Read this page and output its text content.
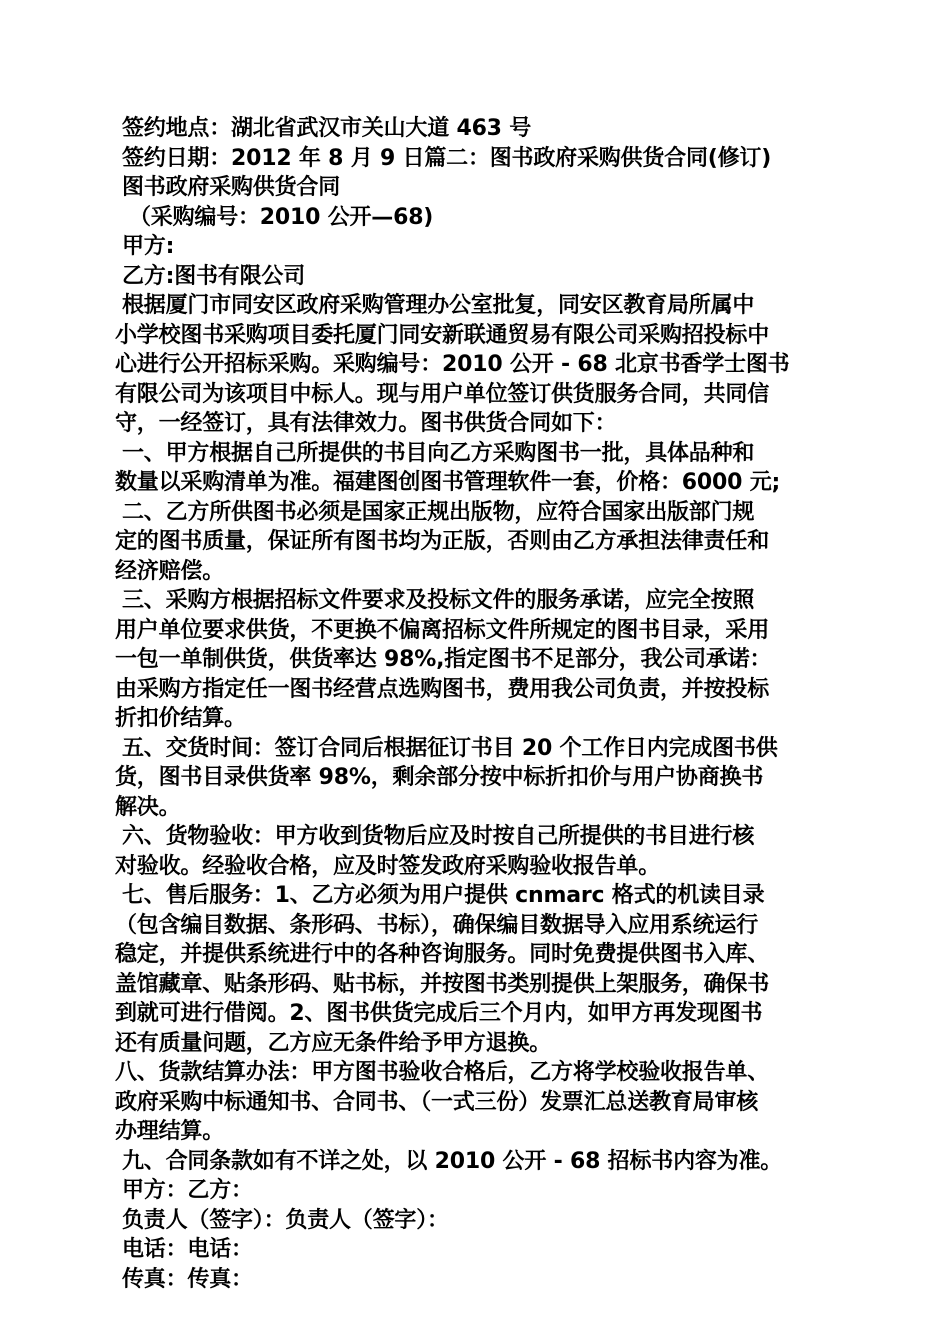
签约地点：湖北省武汉市关山大道 463 号
签约日期：2012 年 8 月 9 日篇二：图书政府采购供货合同(修订)
图书政府采购供货合同
（采购编号：2010 公开—68)
甲方:
乙方:图书有限公司
根据厦门市同安区政府采购管理办公室批复，同安区教育局所属中
小学校图书采购项目委托厦门同安新联通贸易有限公司采购招投标中
心进行公开招标采购。采购编号：2010 公开 - 68 北京书香学士图书
有限公司为该项目中标人。现与用户单位签订供货服务合同，共同信
守，一经签订，具有法律效力。图书供货合同如下：
一、甲方根据自己所提供的书目向乙方采购图书一批，具体品种和
数量以采购清单为准。福建图创图书管理软件一套，价格：6000 元;
二、乙方所供图书必须是国家正规出版物，应符合国家出版部门规
定的图书质量，保证所有图书均为正版，否则由乙方承担法律责任和
经济赔偿。
三、采购方根据招标文件要求及投标文件的服务承诺，应完全按照
用户单位要求供货，不更换不偏离招标文件所规定的图书目录，采用
一包一单制供货，供货率达 98%,指定图书不足部分，我公司承诺：
由采购方指定任一图书经营点选购图书，费用我公司负责，并按投标
折扣价结算。
五、交货时间：签订合同后根据征订书目 20 个工作日内完成图书供
货，图书目录供货率 98%，剩余部分按中标折扣价与用户协商换书
解决。
六、货物验收：甲方收到货物后应及时按自己所提供的书目进行核
对验收。经验收合格，应及时签发政府采购验收报告单。
七、售后服务：1、乙方必须为用户提供 cnmarc 格式的机读目录
（包含编目数据、条形码、书标），确保编目数据导入应用系统运行
稳定，并提供系统进行中的各种咨询服务。同时免费提供图书入库、
盖馆藏章、贴条形码、贴书标，并按图书类别提供上架服务，确保书
到就可进行借阅。2、图书供货完成后三个月内，如甲方再发现图书
还有质量问题，乙方应无条件给予甲方退换。
八、货款结算办法：甲方图书验收合格后，乙方将学校验收报告单、
政府采购中标通知书、合同书、（一式三份）发票汇总送教育局审核
办理结算。
九、合同条款如有不详之处，以 2010 公开 - 68 招标书内容为准。
甲方：乙方：
负责人（签字）：负责人（签字）：
电话：电话：
传真：传真：
